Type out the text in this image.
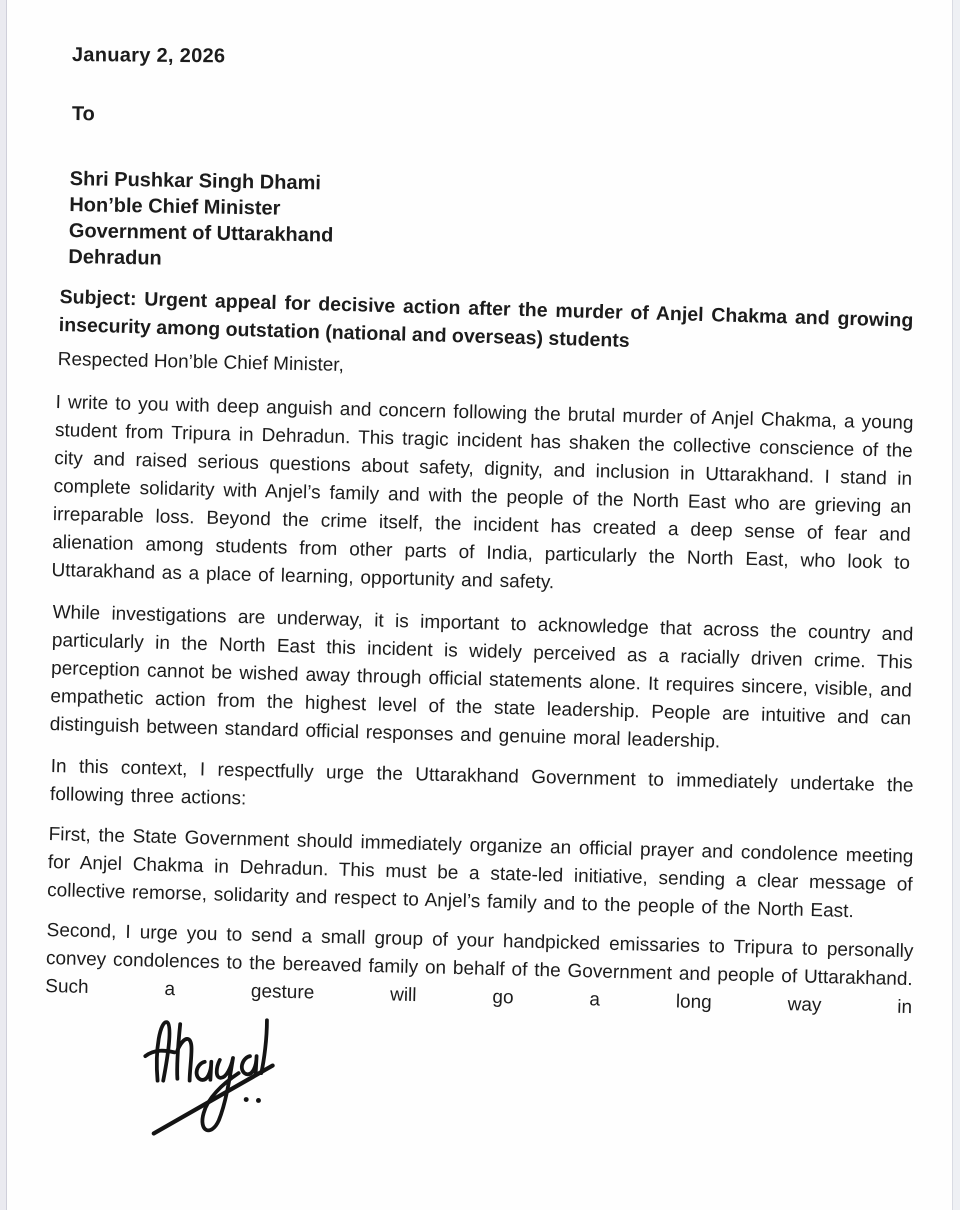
January 2, 2026
To
Shri Pushkar Singh Dhami
Hon’ble Chief Minister
Government of Uttarakhand
Dehradun
Subject: Urgent appeal for decisive action after the murder of Anjel Chakma and growing insecurity among outstation (national and overseas) students
Respected Hon’ble Chief Minister,
I write to you with deep anguish and concern following the brutal murder of Anjel Chakma, a young student from Tripura in Dehradun. This tragic incident has shaken the collective conscience of the city and raised serious questions about safety, dignity, and inclusion in Uttarakhand. I stand in complete solidarity with Anjel’s family and with the people of the North East who are grieving an irreparable loss. Beyond the crime itself, the incident has created a deep sense of fear and alienation among students from other parts of India, particularly the North East, who look to Uttarakhand as a place of learning, opportunity and safety.
While investigations are underway, it is important to acknowledge that across the country and particularly in the North East this incident is widely perceived as a racially driven crime. This perception cannot be wished away through official statements alone. It requires sincere, visible, and empathetic action from the highest level of the state leadership. People are intuitive and can distinguish between standard official responses and genuine moral leadership.
In this context, I respectfully urge the Uttarakhand Government to immediately undertake the following three actions:
First, the State Government should immediately organize an official prayer and condolence meeting for Anjel Chakma in Dehradun. This must be a state-led initiative, sending a clear message of collective remorse, solidarity and respect to Anjel’s family and to the people of the North East.
Second, I urge you to send a small group of your handpicked emissaries to Tripura to personally convey condolences to the bereaved family on behalf of the Government and people of Uttarakhand. Such a gesture will go a long way in
